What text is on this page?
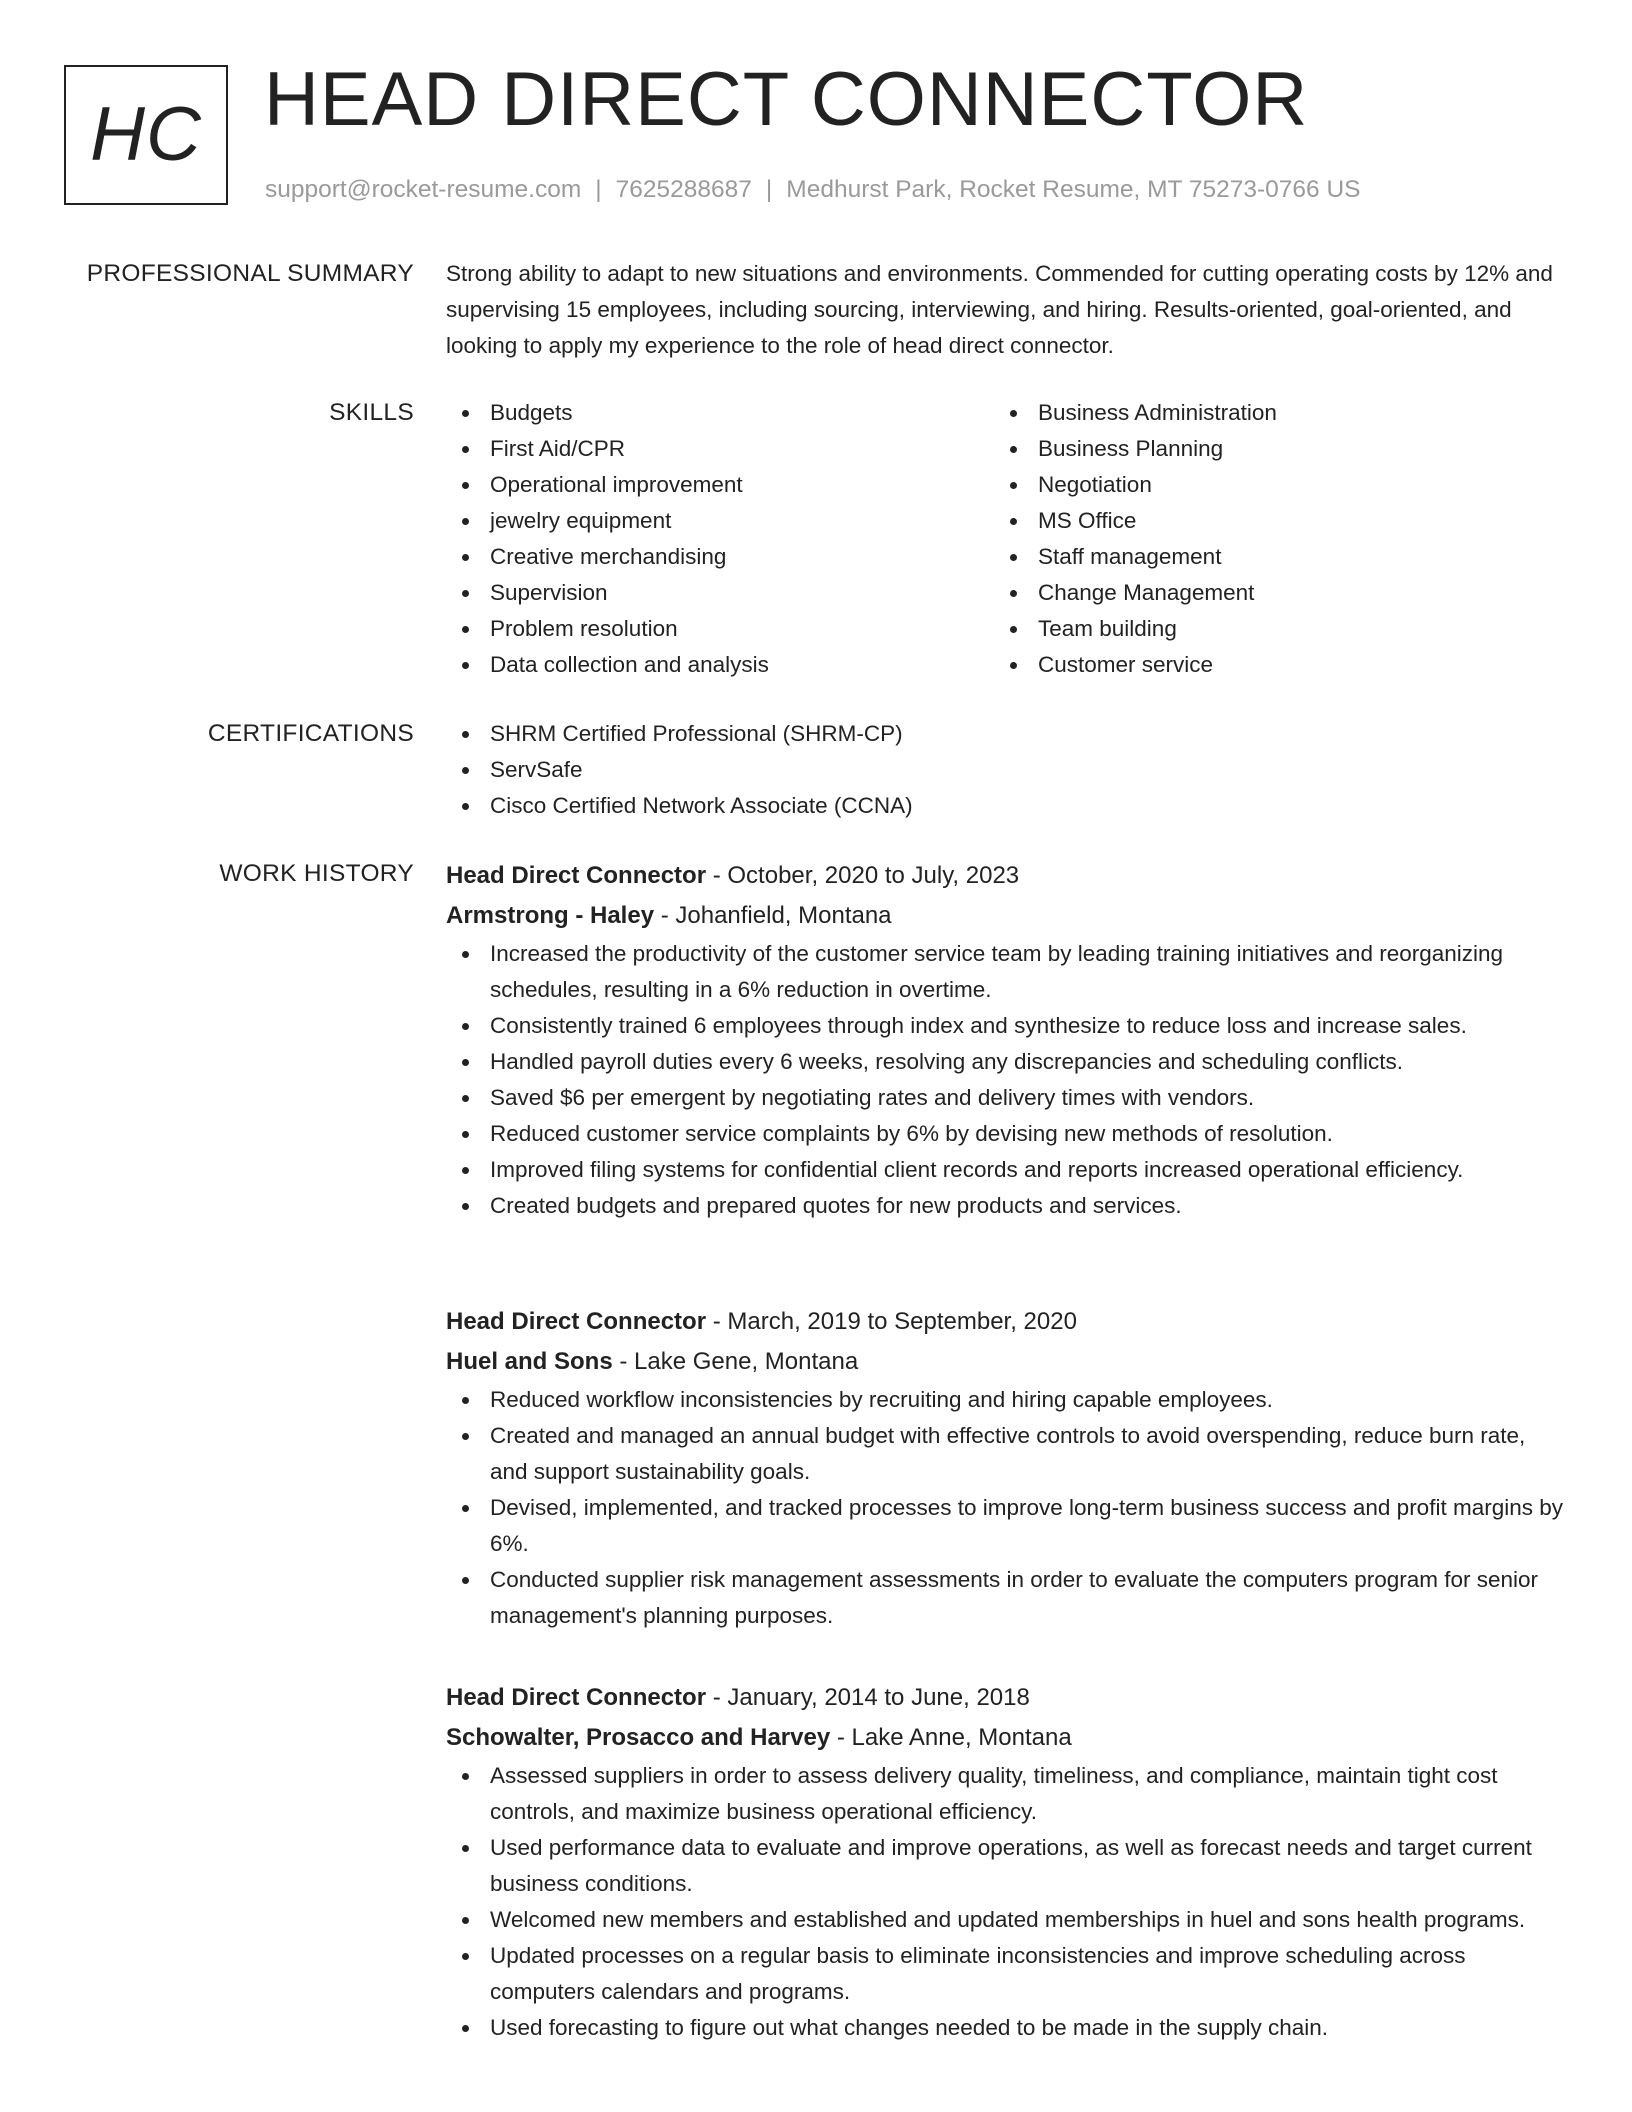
HC HEAD DIRECT CONNECTOR
support@rocket-resume.com | 7625288687 | Medhurst Park, Rocket Resume, MT 75273-0766 US
PROFESSIONAL SUMMARY Strong ability to adapt to new situations and environments. Commended for cutting operating costs by 12% and supervising 15 employees, including sourcing, interviewing, and hiring. Results-oriented, goal-oriented, and looking to apply my experience to the role of head direct connector.

SKILLS	Budgets
First Aid/CPR
Operational improvement
jewelry equipment
Creative merchandising
Supervision
Problem resolution
Data collection and analysis
Business Administration
Business Planning
Negotiation
MS Office
Staff management
Change Management
Team building
Customer service
CERTIFICATIONS	SHRM Certified Professional (SHRM-CP)
ServSafe
Cisco Certified Network Associate (CCNA)
WORK HISTORY Head Direct Connector - October, 2020 to July, 2023
Armstrong - Haley - Johanfield, Montana
Increased the productivity of the customer service team by leading training initiatives and reorganizing schedules, resulting in a 6% reduction in overtime.
Consistently trained 6 employees through index and synthesize to reduce loss and increase sales.
Handled payroll duties every 6 weeks, resolving any discrepancies and scheduling conflicts.
Saved $6 per emergent by negotiating rates and delivery times with vendors.
Reduced customer service complaints by 6% by devising new methods of resolution.
Improved filing systems for confidential client records and reports increased operational efficiency.
Created budgets and prepared quotes for new products and services.
Head Direct Connector - March, 2019 to September, 2020
Huel and Sons - Lake Gene, Montana
Reduced workflow inconsistencies by recruiting and hiring capable employees.
Created and managed an annual budget with effective controls to avoid overspending, reduce burn rate, and support sustainability goals.
Devised, implemented, and tracked processes to improve long-term business success and profit margins by 6%.
Conducted supplier risk management assessments in order to evaluate the computers program for senior management's planning purposes.
Head Direct Connector - January, 2014 to June, 2018
Schowalter, Prosacco and Harvey - Lake Anne, Montana
Assessed suppliers in order to assess delivery quality, timeliness, and compliance, maintain tight cost controls, and maximize business operational efficiency.
Used performance data to evaluate and improve operations, as well as forecast needs and target current business conditions.
Welcomed new members and established and updated memberships in huel and sons health programs.
Updated processes on a regular basis to eliminate inconsistencies and improve scheduling across computers calendars and programs.
Used forecasting to figure out what changes needed to be made in the supply chain.
